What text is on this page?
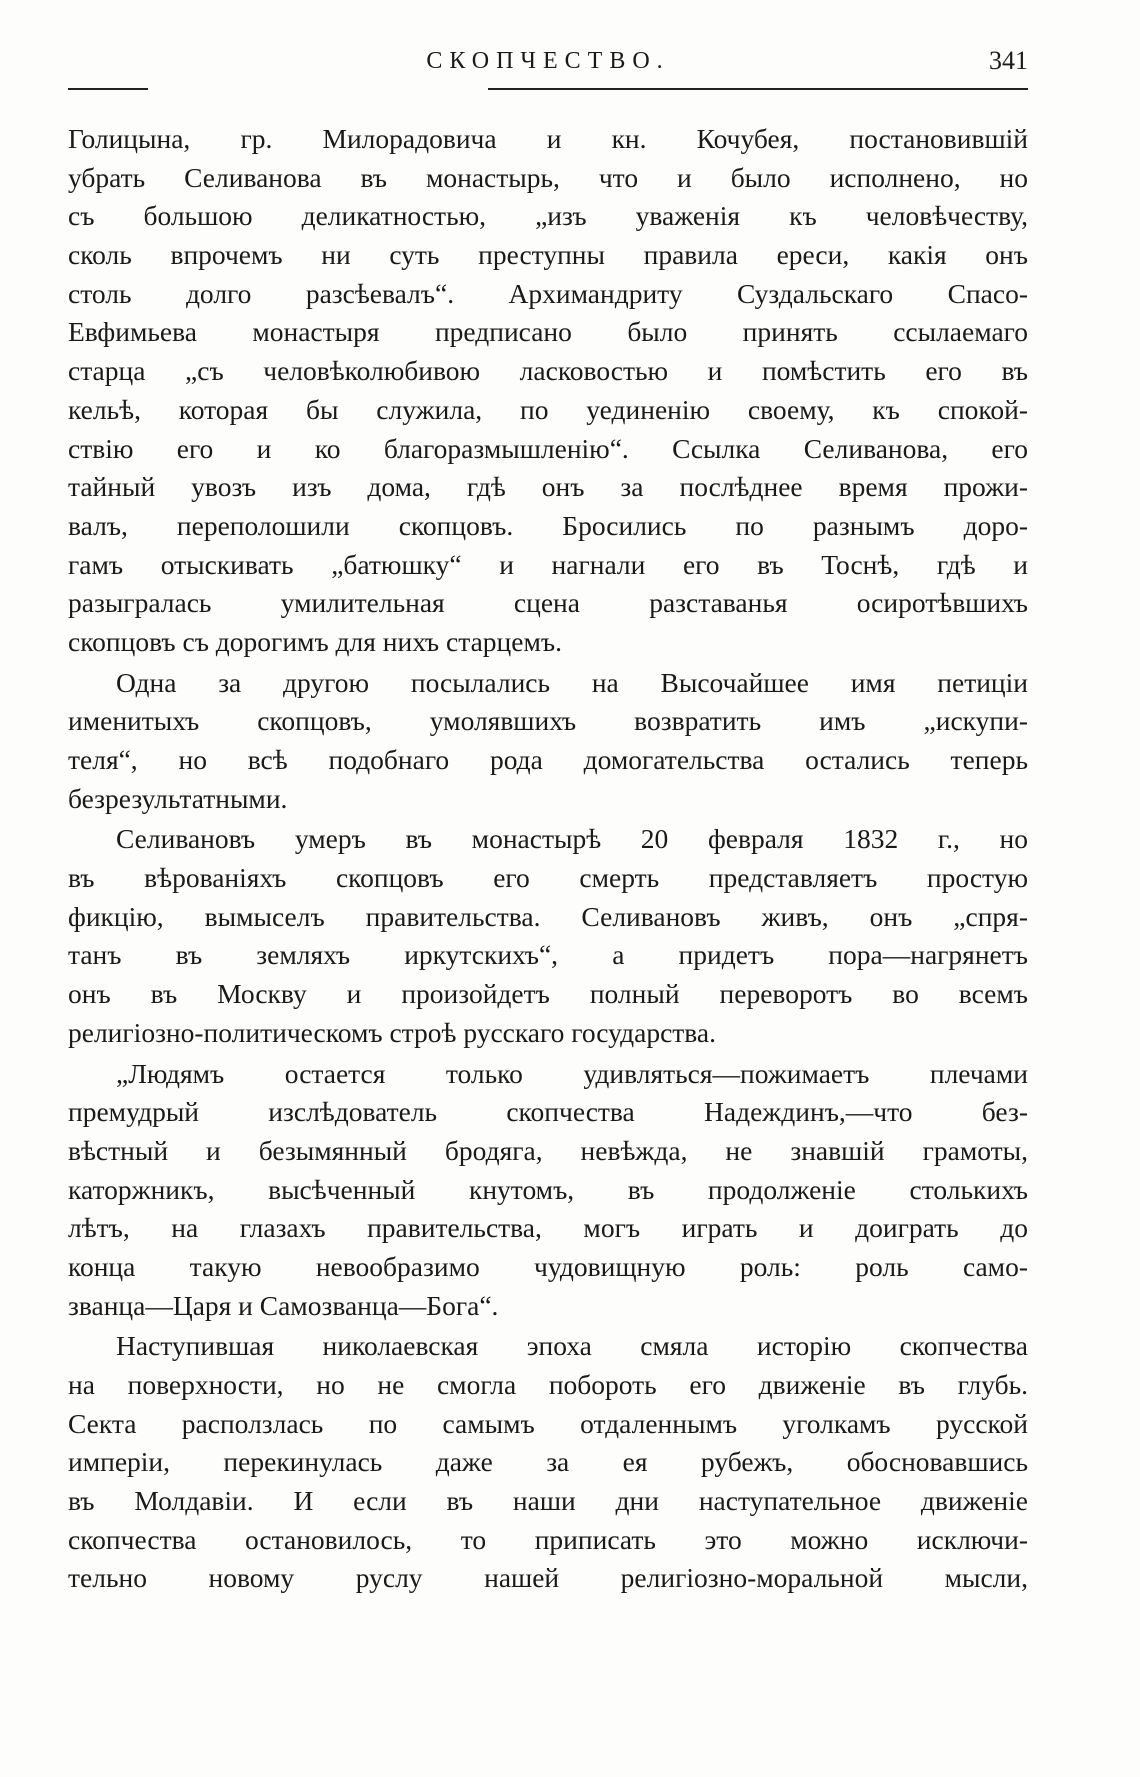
СКОПЧЕСТВО.	341
Голицына, гр. Милорадовича и кн. Кочубея, постановившій
убрать Селиванова въ монастырь, что и было исполнено, но
съ большою деликатностью, „изъ уваженія къ человѣчеству,
сколь впрочемъ ни суть преступны правила ереси, какія онъ
столь долго разсѣевалъ“. Архимандриту Суздальскаго Спасо-
Евфимьева монастыря предписано было принять ссылаемаго
старца „съ человѣколюбивою ласковостью и помѣстить его въ
кельѣ, которая бы служила, по уединенію своему, къ спокой-
ствію его и ко благоразмышленію“. Ссылка Селиванова, его
тайный увозъ изъ дома, гдѣ онъ за послѣднее время прожи-
валъ, переполошили скопцовъ. Бросились по разнымъ доро-
гамъ отыскивать „батюшку“ и нагнали его въ Тоснѣ, гдѣ и
разыгралась умилительная сцена разставанья осиротѣвшихъ
скопцовъ съ дорогимъ для нихъ старцемъ.
Одна за другою посылались на Высочайшее имя петиціи
именитыхъ скопцовъ, умолявшихъ возвратить имъ „искупи-
теля“, но всѣ подобнаго рода домогательства остались теперь
безрезультатными.
Селивановъ умеръ въ монастырѣ 20 февраля 1832 г., но
въ вѣрованіяхъ скопцовъ его смерть представляетъ простую
фикцію, вымыселъ правительства. Селивановъ живъ, онъ „спря-
танъ въ земляхъ иркутскихъ“, а придетъ пора—нагрянетъ
онъ въ Москву и произойдетъ полный переворотъ во всемъ
религіозно-политическомъ строѣ русскаго государства.
„Людямъ остается только удивляться—пожимаетъ плечами
премудрый изслѣдователь скопчества Надеждинъ,—что без-
вѣстный и безымянный бродяга, невѣжда, не знавшій грамоты,
каторжникъ, высѣченный кнутомъ, въ продолженіе столькихъ
лѣтъ, на глазахъ правительства, могъ играть и доиграть до
конца такую невообразимо чудовищную роль: роль само-
званца—Царя и Самозванца—Бога“.
Наступившая николаевская эпоха смяла исторію скопчества
на поверхности, но не смогла побороть его движеніе въ глубь.
Секта расползлась по самымъ отдаленнымъ уголкамъ русской
имперіи, перекинулась даже за ея рубежъ, обосновавшись
въ Молдавіи. И если въ наши дни наступательное движеніе
скопчества остановилось, то приписать это можно исключи-
тельно новому руслу нашей религіозно-моральной мысли,
